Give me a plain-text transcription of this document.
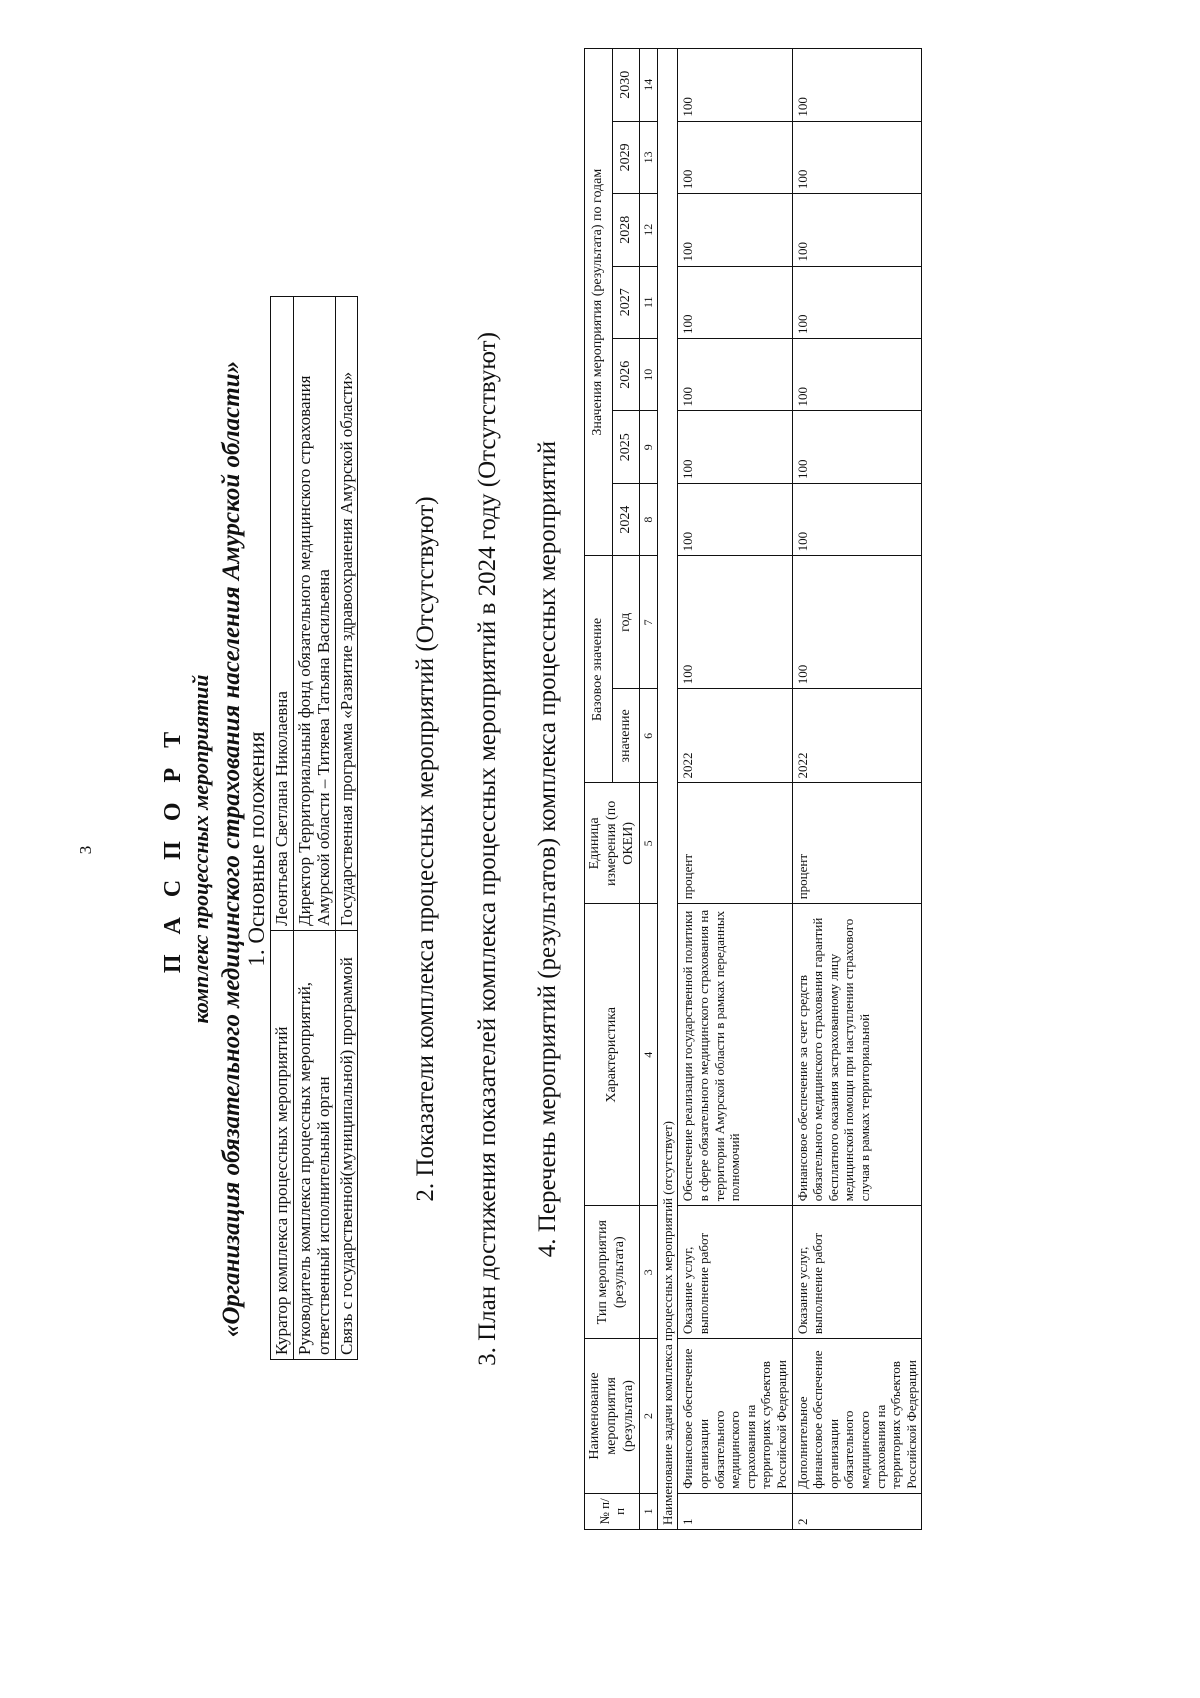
3	П А С П О Р Т комплекс процессных мероприятий «Организация обязательного медицинского страхования населения Амурской области» 1. Основные положения
Куратор комплекса процессных мероприятий	Леонтьева Светлана Николаевна
Руководитель комплекса процессных мероприятий, ответственный исполнительный орган	Директор Территориальный фонд обязательного медицинского страхования Амурской области – Титяева Татьяна Васильевна
Связь с государственной(муниципальной) программой	Государственная программа «Развитие здравоохранения Амурской области» 2. Показатели комплекса процессных мероприятий (Отсутствуют) 3. План достижения показателей комплекса процессных мероприятий в 2024 году (Отсутствуют) 4. Перечень мероприятий (результатов) комплекса процессных мероприятий
№ п/п	Наименование мероприятия (результата)	Тип мероприятия (результата)	Характеристика	Единица измерения (по ОКЕИ)	Базовое значение		Значения мероприятия (результата) по годам						
					значение	год	2024	2025	2026	2027	2028	2029	2030
1	2	3	4	5	6	7	8	9	10	11	12	13	14
Наименование задачи комплекса процессных мероприятий (отсутствует)													
1	Финансовое обеспечение организации обязательного медицинского страхования на территориях субъектов Российской Федерации	Оказание услуг, выполнение работ	Обеспечение реализации государственной политики в сфере обязательного медицинского страхования на территории Амурской области в рамках переданных полномочий	процент	2022	100	100	100	100	100	100	100	100
2	Дополнительное финансовое обеспечение организации обязательного медицинского страхования на территориях субъектов Российской Федерации	Оказание услуг, выполнение работ	Финансовое обеспечение за счет средств обязательного медицинского страхования гарантий бесплатного оказания застрахованному лицу медицинской помощи при наступлении страхового случая в рамках территориальной	процент	2022	100	100	100	100	100	100	100	100
